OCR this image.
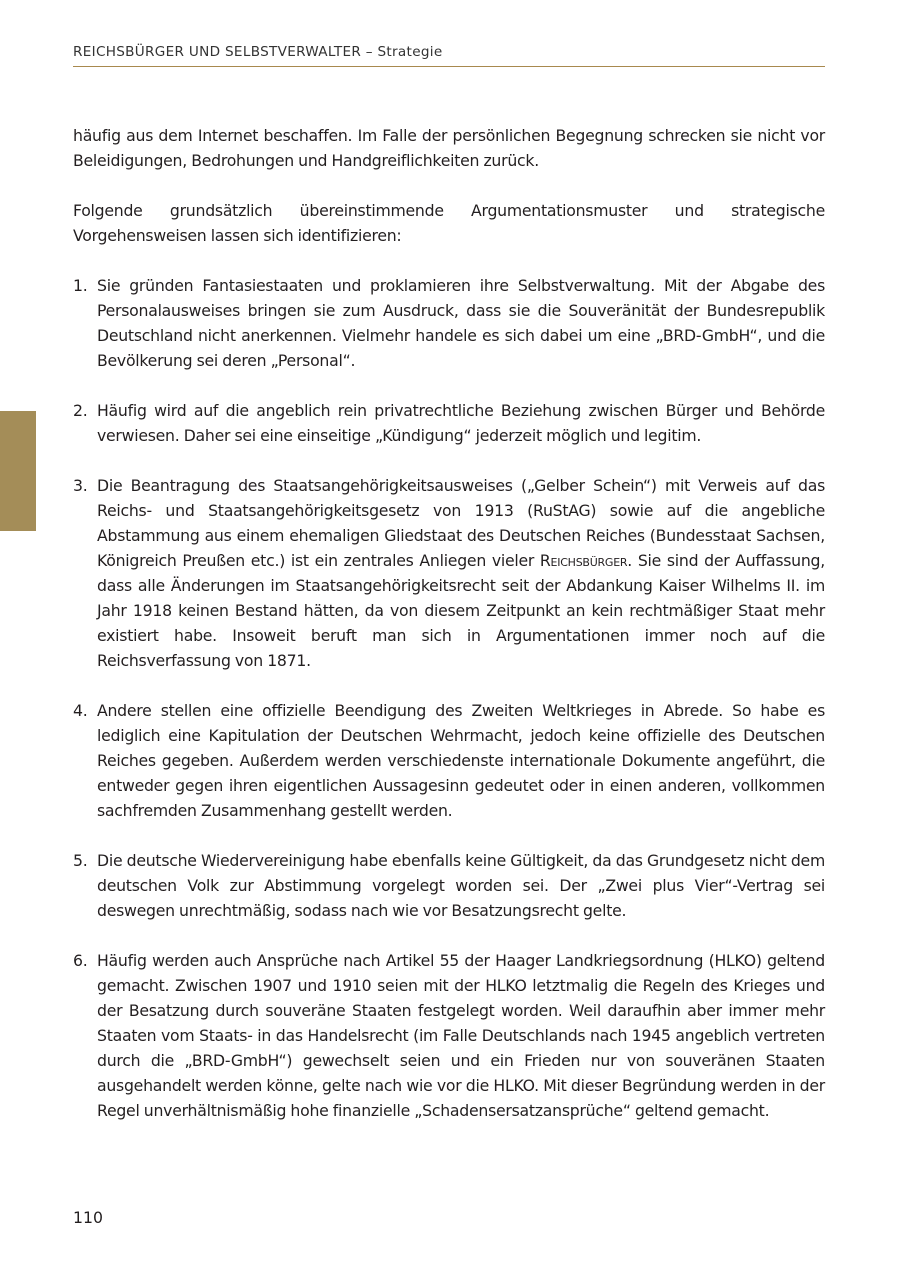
REICHSBÜRGER UND SELBSTVERWALTER – Strategie

häufig aus dem Internet beschaffen. Im Falle der persönlichen Begegnung schrecken sie nicht vor Beleidigungen, Bedrohungen und Handgreiflichkeiten zurück.

Folgende grundsätzlich übereinstimmende Argumentationsmuster und strategische Vorgehensweisen lassen sich identifizieren:

1. Sie gründen Fantasiestaaten und proklamieren ihre Selbstverwaltung. Mit der Abgabe des Personalausweises bringen sie zum Ausdruck, dass sie die Souveränität der Bundesrepublik Deutschland nicht anerkennen. Vielmehr handele es sich dabei um eine „BRD-GmbH“, und die Bevölkerung sei deren „Personal“.
2. Häufig wird auf die angeblich rein privatrechtliche Beziehung zwischen Bürger und Behörde verwiesen. Daher sei eine einseitige „Kündigung“ jederzeit möglich und legitim.
3. Die Beantragung des Staatsangehörigkeitsausweises („Gelber Schein“) mit Verweis auf das Reichs- und Staatsangehörigkeitsgesetz von 1913 (RuStAG) sowie auf die angebliche Abstammung aus einem ehemaligen Gliedstaat des Deutschen Reiches (Bundesstaat Sachsen, Königreich Preußen etc.) ist ein zentrales Anliegen vieler Reichsbürger. Sie sind der Auffassung, dass alle Änderungen im Staatsangehörigkeitsrecht seit der Abdankung Kaiser Wilhelms II. im Jahr 1918 keinen Bestand hätten, da von diesem Zeitpunkt an kein rechtmäßiger Staat mehr existiert habe. Insoweit beruft man sich in Argumentationen immer noch auf die Reichsverfassung von 1871.
4. Andere stellen eine offizielle Beendigung des Zweiten Weltkrieges in Abrede. So habe es lediglich eine Kapitulation der Deutschen Wehrmacht, jedoch keine offizielle des Deutschen Reiches gegeben. Außerdem werden verschiedenste internationale Dokumente angeführt, die entweder gegen ihren eigentlichen Aussagesinn gedeutet oder in einen anderen, vollkommen sachfremden Zusammenhang gestellt werden.
5. Die deutsche Wiedervereinigung habe ebenfalls keine Gültigkeit, da das Grundgesetz nicht dem deutschen Volk zur Abstimmung vorgelegt worden sei. Der „Zwei plus Vier“-Vertrag sei deswegen unrechtmäßig, sodass nach wie vor Besatzungsrecht gelte.
6. Häufig werden auch Ansprüche nach Artikel 55 der Haager Landkriegsordnung (HLKO) geltend gemacht. Zwischen 1907 und 1910 seien mit der HLKO letztmalig die Regeln des Krieges und der Besatzung durch souveräne Staaten festgelegt worden. Weil daraufhin aber immer mehr Staaten vom Staats- in das Handelsrecht (im Falle Deutschlands nach 1945 angeblich vertreten durch die „BRD-GmbH“) gewechselt seien und ein Frieden nur von souveränen Staaten ausgehandelt werden könne, gelte nach wie vor die HLKO. Mit dieser Begründung werden in der Regel unverhältnismäßig hohe finanzielle „Schadensersatzansprüche“ geltend gemacht.
110
